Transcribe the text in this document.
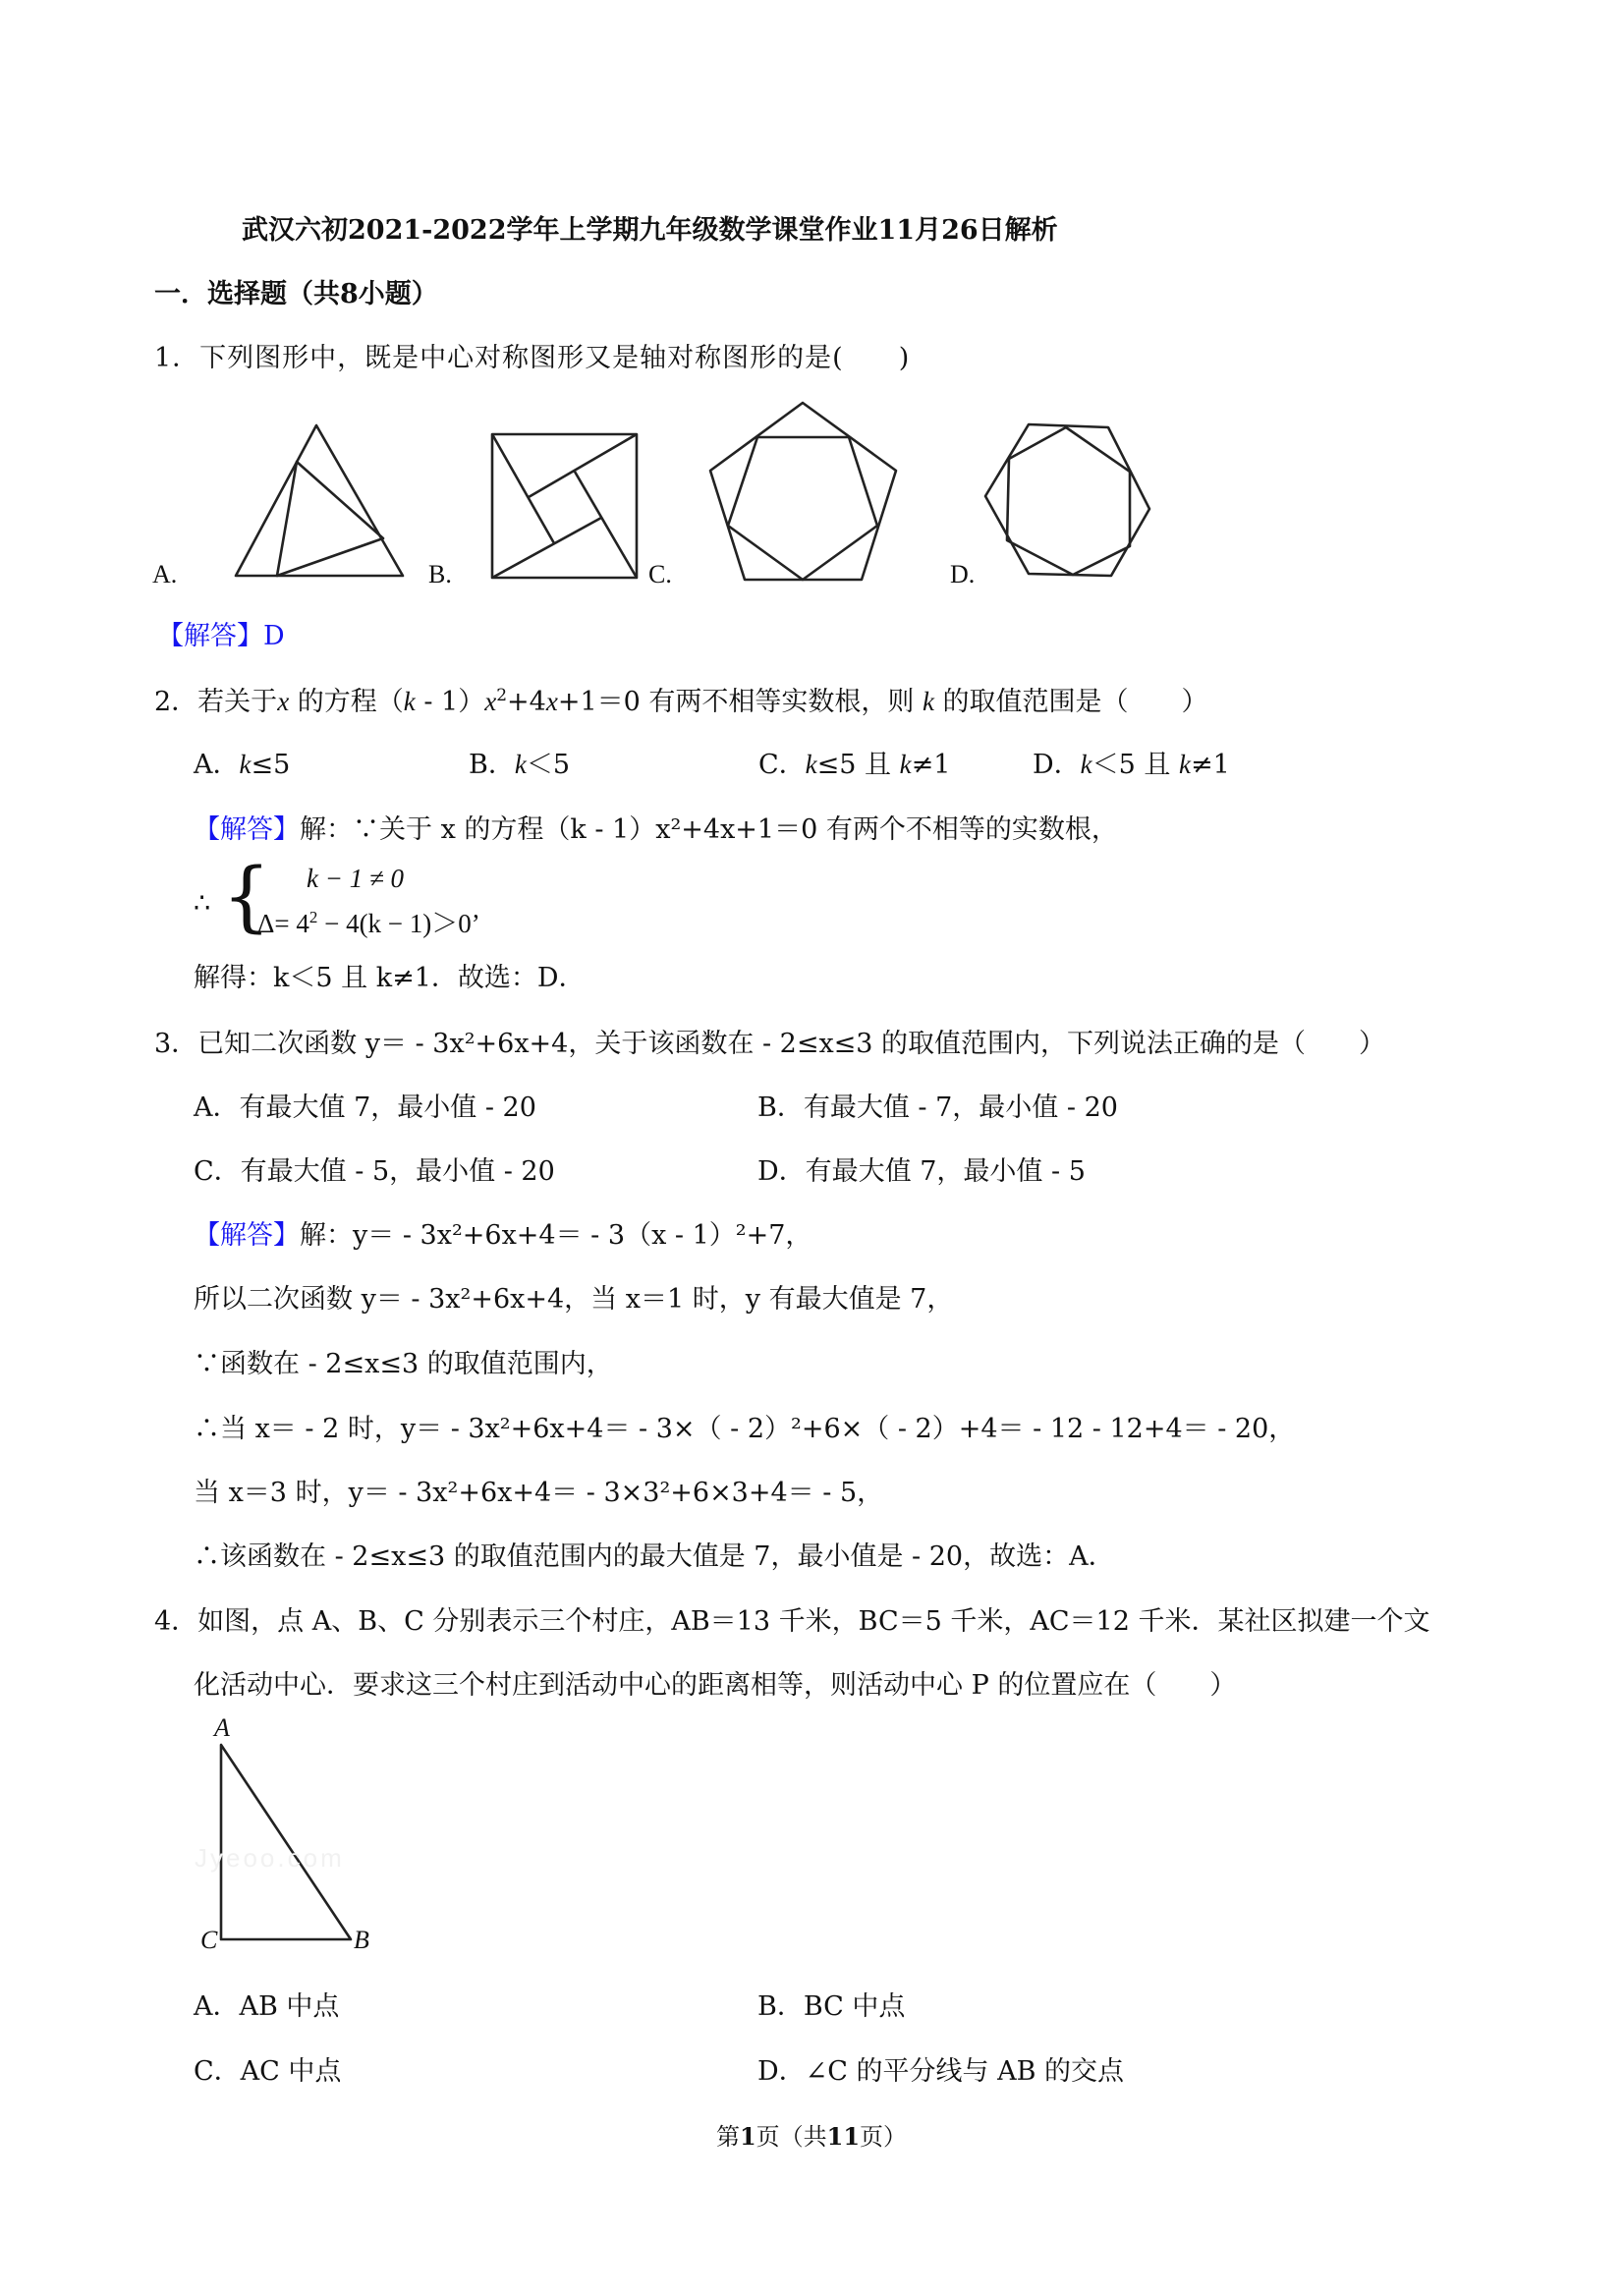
武汉六初2021-2022学年上学期九年级数学课堂作业11月26日解析
一．选择题（共8小题）
1．下列图形中，既是中心对称图形又是轴对称图形的是(　　)
A.	B.	C.	D.
【解答】D
2．若关于x 的方程$(k - 1)x^2+4x+1=0$ 有两不相等实数根，则 k 的取值范围是（　　）
A．k≤5	B．k＜5	C．k≤5 且 k≠1	D．k＜5 且 k≠1
【解答】解：∵关于 x 的方程（k - 1）x²+4x+1＝0 有两个不相等的实数根，
∴ { k − 1 ≠ 0
$\Delta= 4^2 - 4(k - 1)>0$’
解得：k＜5 且 k≠1．故选：D．
3．已知二次函数 y＝ - 3x²+6x+4，关于该函数在 - 2≤x≤3 的取值范围内，下列说法正确的是（　　）
A．有最大值 7，最小值 - 20	B．有最大值 - 7，最小值 - 20
C．有最大值 - 5，最小值 - 20	D．有最大值 7，最小值 - 5
【解答】解：y＝ - 3x²+6x+4＝ - 3（x - 1）²+7，
所以二次函数 y＝ - 3x²+6x+4，当 x＝1 时，y 有最大值是 7，
∵函数在 - 2≤x≤3 的取值范围内，
∴当 x＝ - 2 时，y＝ - 3x²+6x+4＝ - 3×（ - 2）²+6×（ - 2）+4＝ - 12 - 12+4＝ - 20，
当 x＝3 时，y＝ - 3x²+6x+4＝ - 3×3²+6×3+4＝ - 5，
∴该函数在 - 2≤x≤3 的取值范围内的最大值是 7，最小值是 - 20，故选：A．
4．如图，点 A、B、C 分别表示三个村庄，AB＝13 千米，BC＝5 千米，AC＝12 千米．某社区拟建一个文
化活动中心．要求这三个村庄到活动中心的距离相等，则活动中心 P 的位置应在（　　）
A
C	B
Jyeoo.com
A．AB 中点	B．BC 中点
C．AC 中点	D．∠C 的平分线与 AB 的交点
第1页（共11页）
